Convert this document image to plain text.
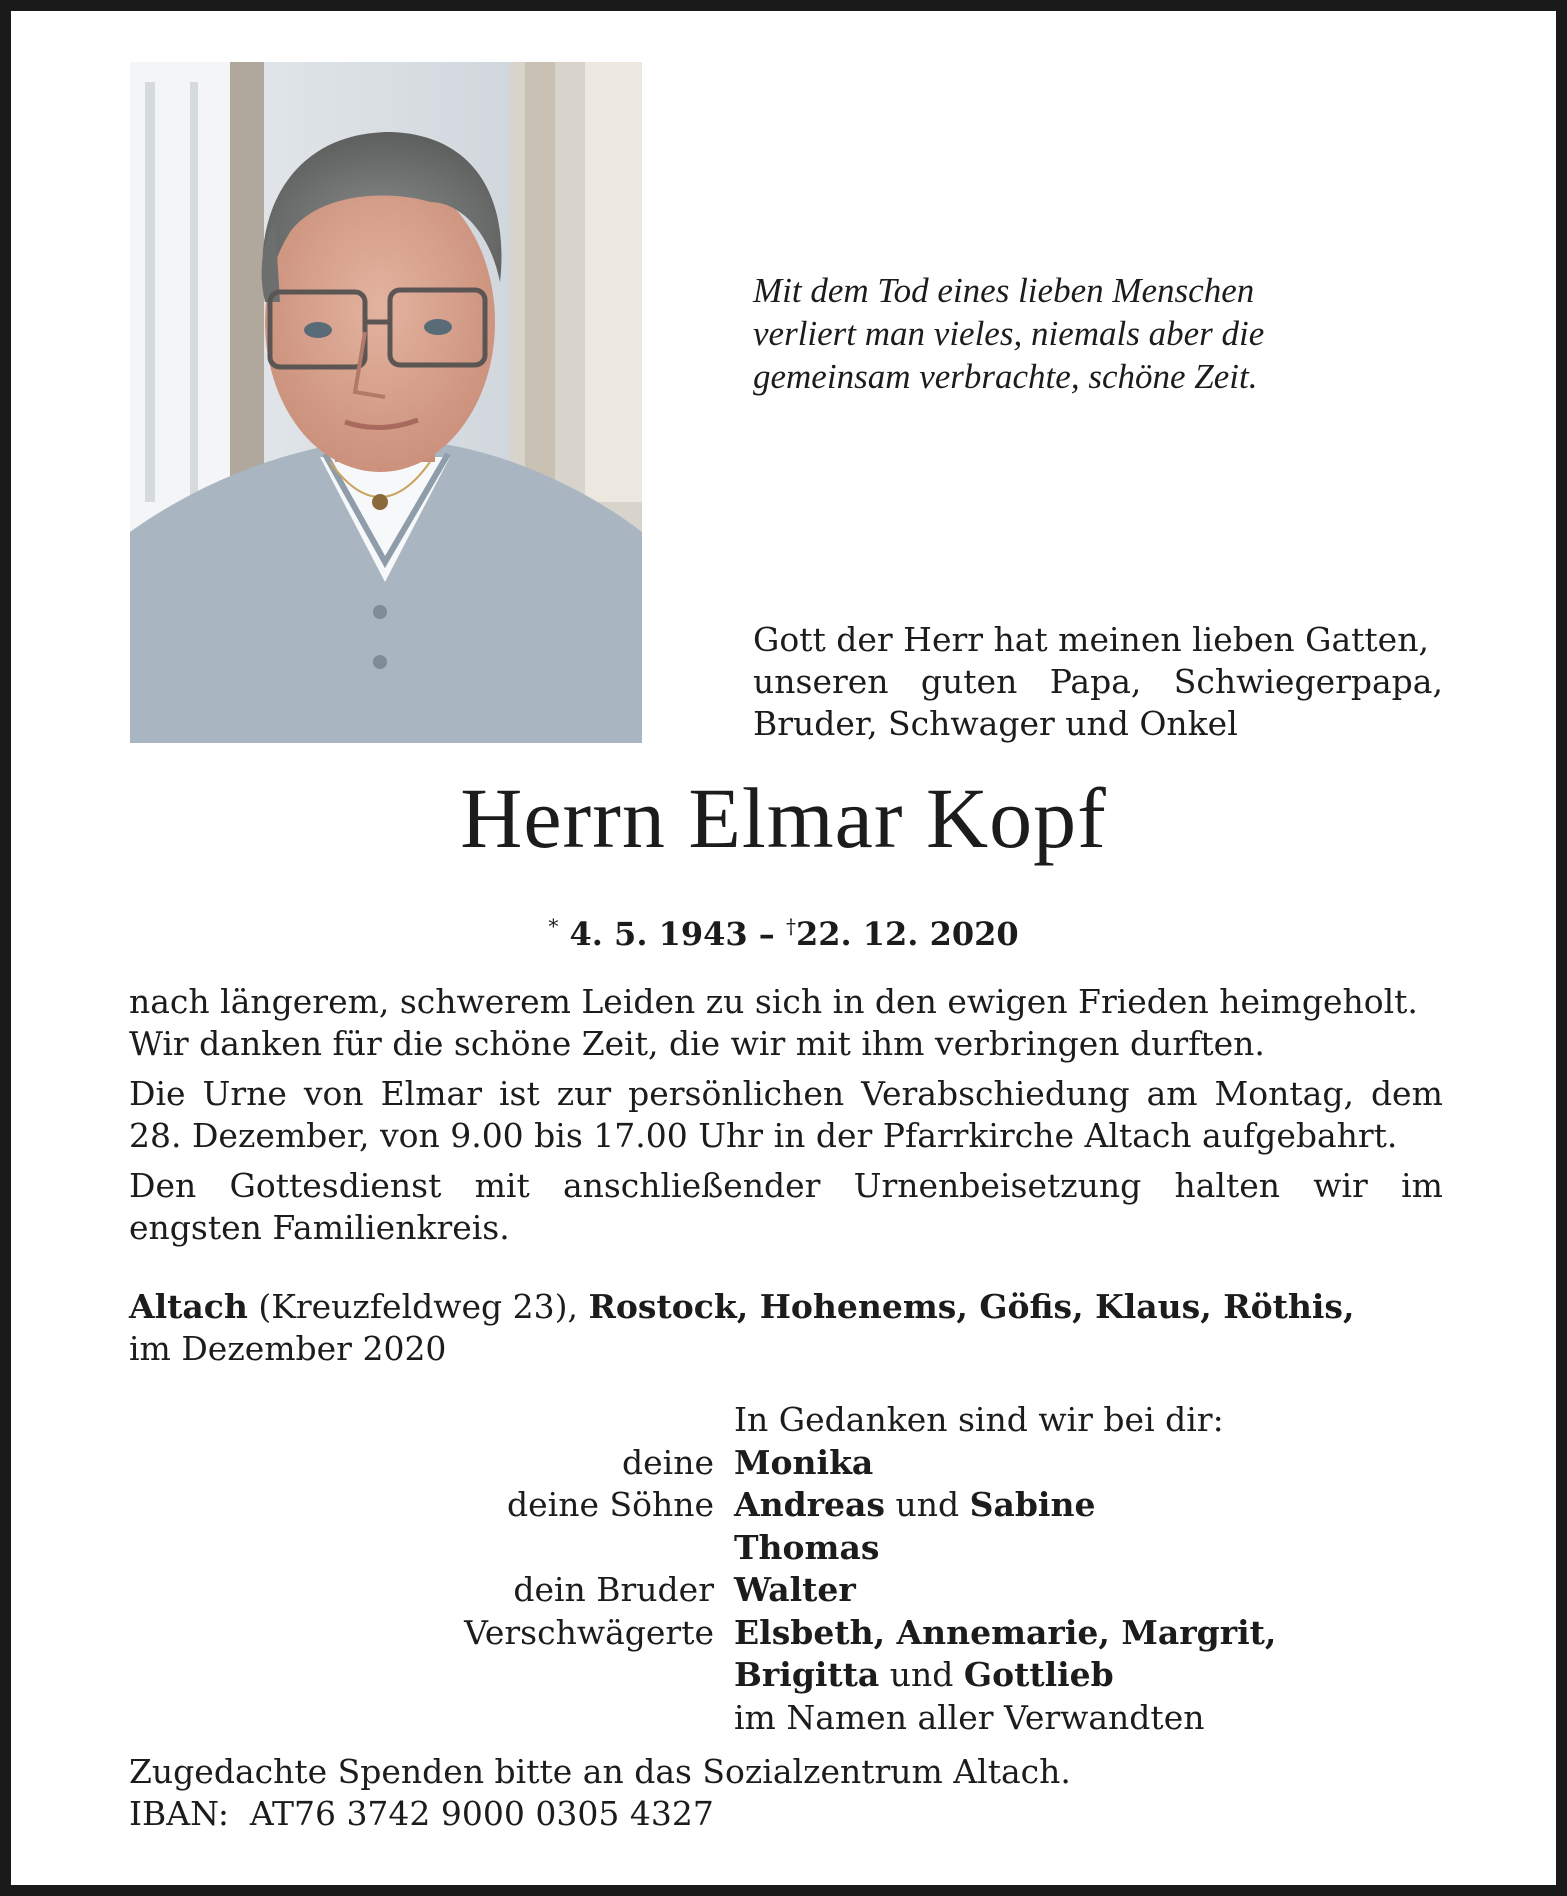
Mit dem Tod eines lieben Menschen
verliert man vieles, niemals aber die
gemeinsam verbrachte, schöne Zeit.
Gott der Herr hat meinen lieben Gatten,
unseren guten Papa, Schwiegerpapa,
Bruder, Schwager und Onkel
Herrn Elmar Kopf
* 4. 5. 1943 – †22. 12. 2020

nach längerem, schwerem Leiden zu sich in den ewigen Frieden heimgeholt.
Wir danken für die schöne Zeit, die wir mit ihm verbringen durften.

Die Urne von Elmar ist zur persönlichen Verabschiedung am Montag, dem
28. Dezember, von 9.00 bis 17.00 Uhr in der Pfarrkirche Altach aufgebahrt.

Den Gottesdienst mit anschließender Urnenbeisetzung halten wir im
engsten Familienkreis.

Altach (Kreuzfeldweg 23), Rostock, Hohenems, Göfis, Klaus, Röthis,
im Dezember 2020
In Gedanken sind wir bei dir:
deine Monika
deine Söhne Andreas und Sabine
Thomas
dein Bruder Walter
Verschwägerte Elsbeth, Annemarie, Margrit,
Brigitta und Gottlieb
im Namen aller Verwandten
Zugedachte Spenden bitte an das Sozialzentrum Altach.
IBAN: AT76 3742 9000 0305 4327
